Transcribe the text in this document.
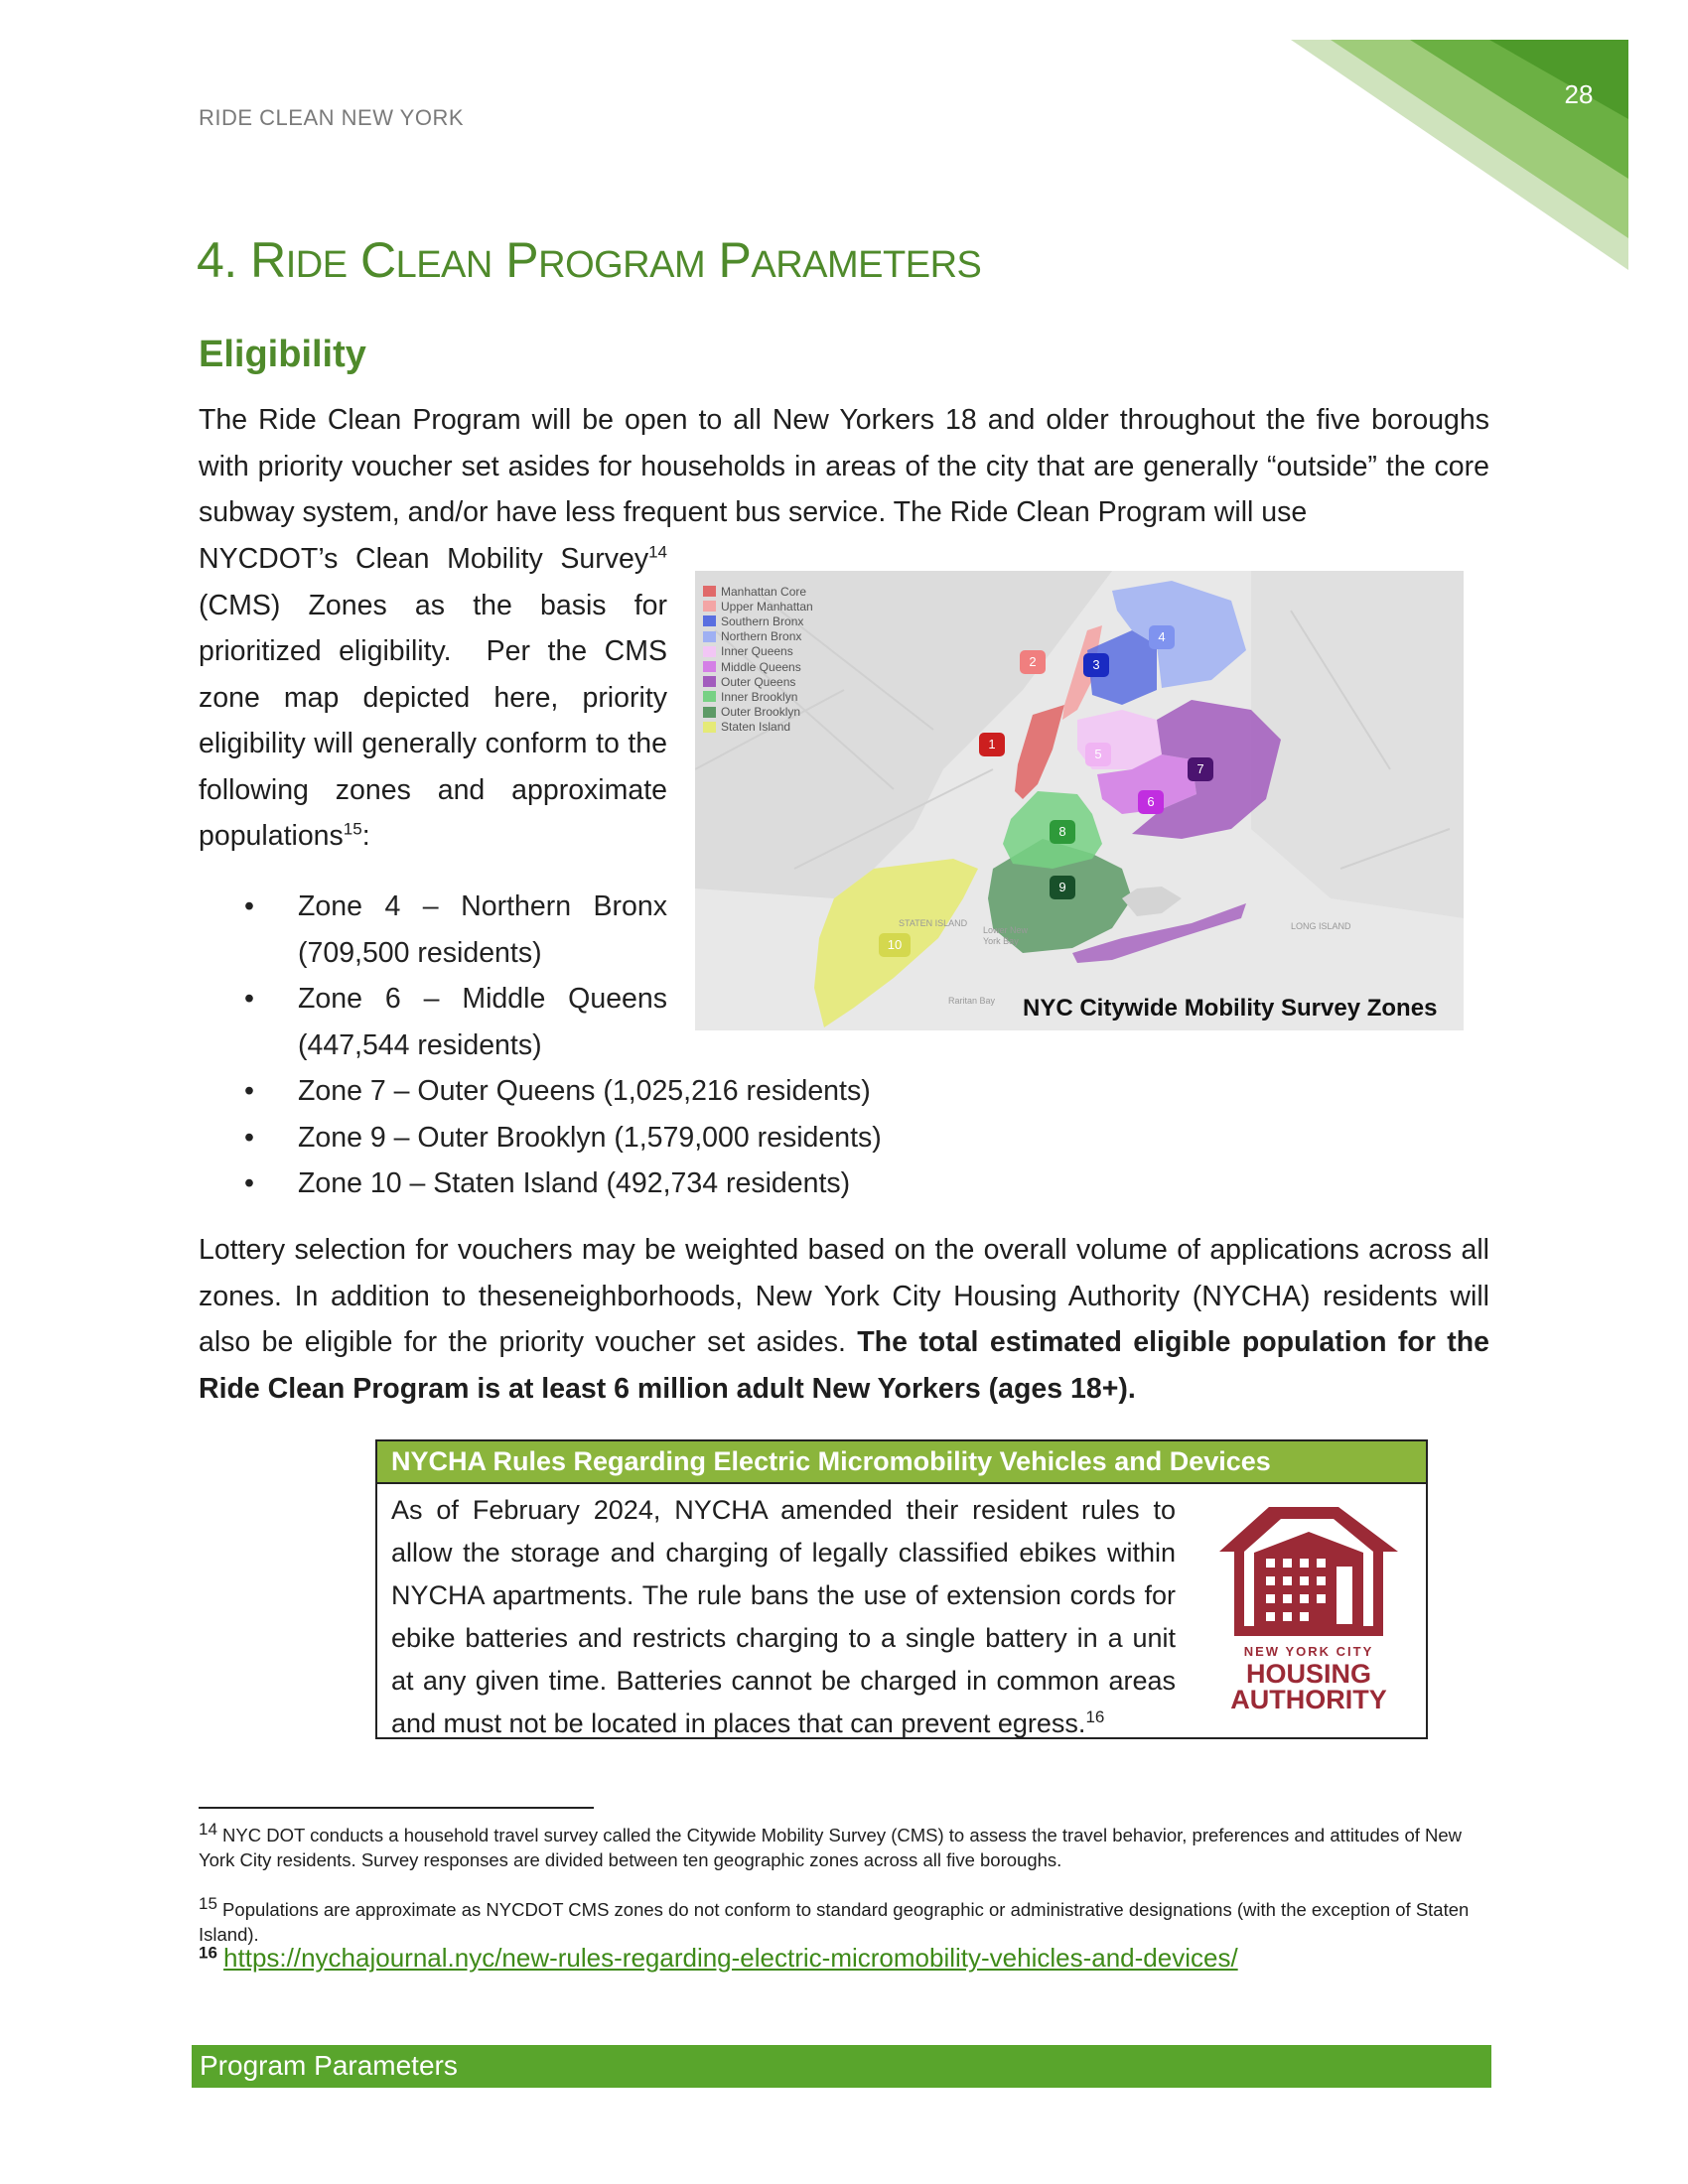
28
RIDE CLEAN NEW YORK
4. RIDE CLEAN PROGRAM PARAMETERS
Eligibility
The Ride Clean Program will be open to all New Yorkers 18 and older throughout the five boroughs with priority voucher set asides for households in areas of the city that are generally “outside” the core subway system, and/or have less frequent bus service. The Ride Clean Program will use
NYCDOT’s Clean Mobility Survey$^{14}$ (CMS) Zones as the basis for prioritized eligibility.  Per the CMS zone map depicted here, priority eligibility will generally conform to the following zones and approximate populations$^{15}$:
• Zone 4 – Northern Bronx (709,500 residents)
• Zone 6 – Middle Queens (447,544 residents)
• Zone 7 – Outer Queens (1,025,216 residents)
• Zone 9 – Outer Brooklyn (1,579,000 residents)
• Zone 10 – Staten Island (492,734 residents)
Manhattan Core
Upper Manhattan
Southern Bronx
Northern Bronx
Inner Queens
Middle Queens
Outer Queens
Inner Brooklyn
Outer Brooklyn
Staten Island
1
2	3
4
5
6
7
8
9
10
STATEN ISLAND
Lower New York Bay
Raritan Bay
LONG ISLAND
NYC Citywide Mobility Survey Zones
Lottery selection for vouchers may be weighted based on the overall volume of applications across all zones. In addition to theseneighborhoods, New York City Housing Authority (NYCHA) residents will also be eligible for the priority voucher set asides. The total estimated eligible population for the Ride Clean Program is at least 6 million adult New Yorkers (ages 18+).
NYCHA Rules Regarding Electric Micromobility Vehicles and Devices
As of February 2024, NYCHA amended their resident rules to allow the storage and charging of legally classified ebikes within NYCHA apartments. The rule bans the use of extension cords for ebike batteries and restricts charging to a single battery in a unit at any given time. Batteries cannot be charged in common areas and must not be located in places that can prevent egress.$^{16}$
NEW YORK CITY
HOUSING
AUTHORITY
$^{14}$ NYC DOT conducts a household travel survey called the Citywide Mobility Survey (CMS) to assess the travel behavior, preferences and attitudes of New York City residents. Survey responses are divided between ten geographic zones across all five boroughs.
$^{15}$ Populations are approximate as NYCDOT CMS zones do not conform to standard geographic or administrative designations (with the exception of Staten Island).
$^{16}$ https://nychajournal.nyc/new-rules-regarding-electric-micromobility-vehicles-and-devices/
Program Parameters
